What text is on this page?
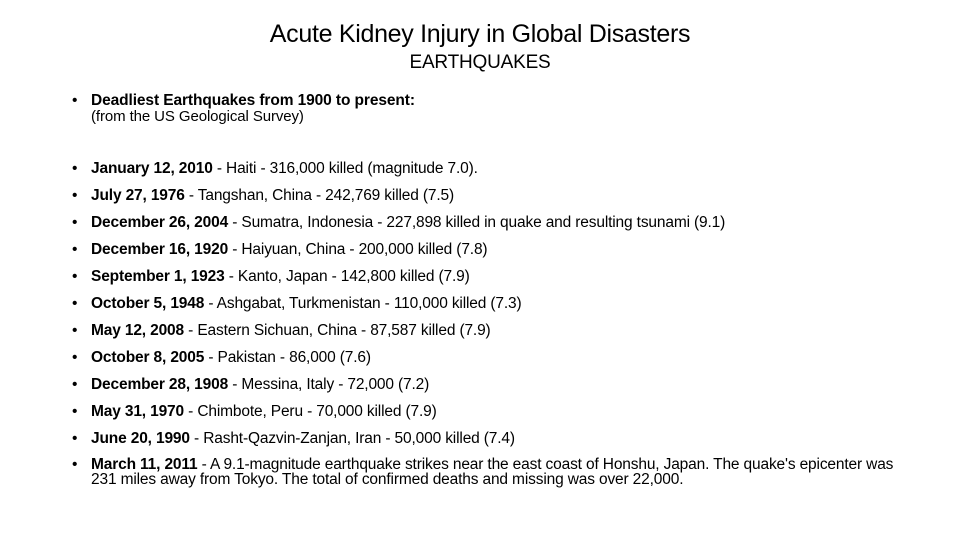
Acute Kidney Injury in Global Disasters
EARTHQUAKES
• Deadliest Earthquakes from 1900 to present:
(from the US Geological Survey)
• January 12, 2010 - Haiti - 316,000 killed (magnitude 7.0).
• July 27, 1976 - Tangshan, China - 242,769 killed (7.5)
• December 26, 2004 - Sumatra, Indonesia - 227,898 killed in quake and resulting tsunami (9.1)
• December 16, 1920 - Haiyuan, China - 200,000 killed (7.8)
• September 1, 1923 - Kanto, Japan - 142,800 killed (7.9)
• October 5, 1948 - Ashgabat, Turkmenistan - 110,000 killed (7.3)
• May 12, 2008 - Eastern Sichuan, China - 87,587 killed (7.9)
• October 8, 2005 - Pakistan - 86,000 (7.6)
• December 28, 1908 - Messina, Italy - 72,000 (7.2)
• May 31, 1970 - Chimbote, Peru - 70,000 killed (7.9)
• June 20, 1990 - Rasht-Qazvin-Zanjan, Iran - 50,000 killed (7.4)
• March 11, 2011 - A 9.1-magnitude earthquake strikes near the east coast of Honshu, Japan. The quake's epicenter was 231 miles away from Tokyo. The total of confirmed deaths and missing was over 22,000.
